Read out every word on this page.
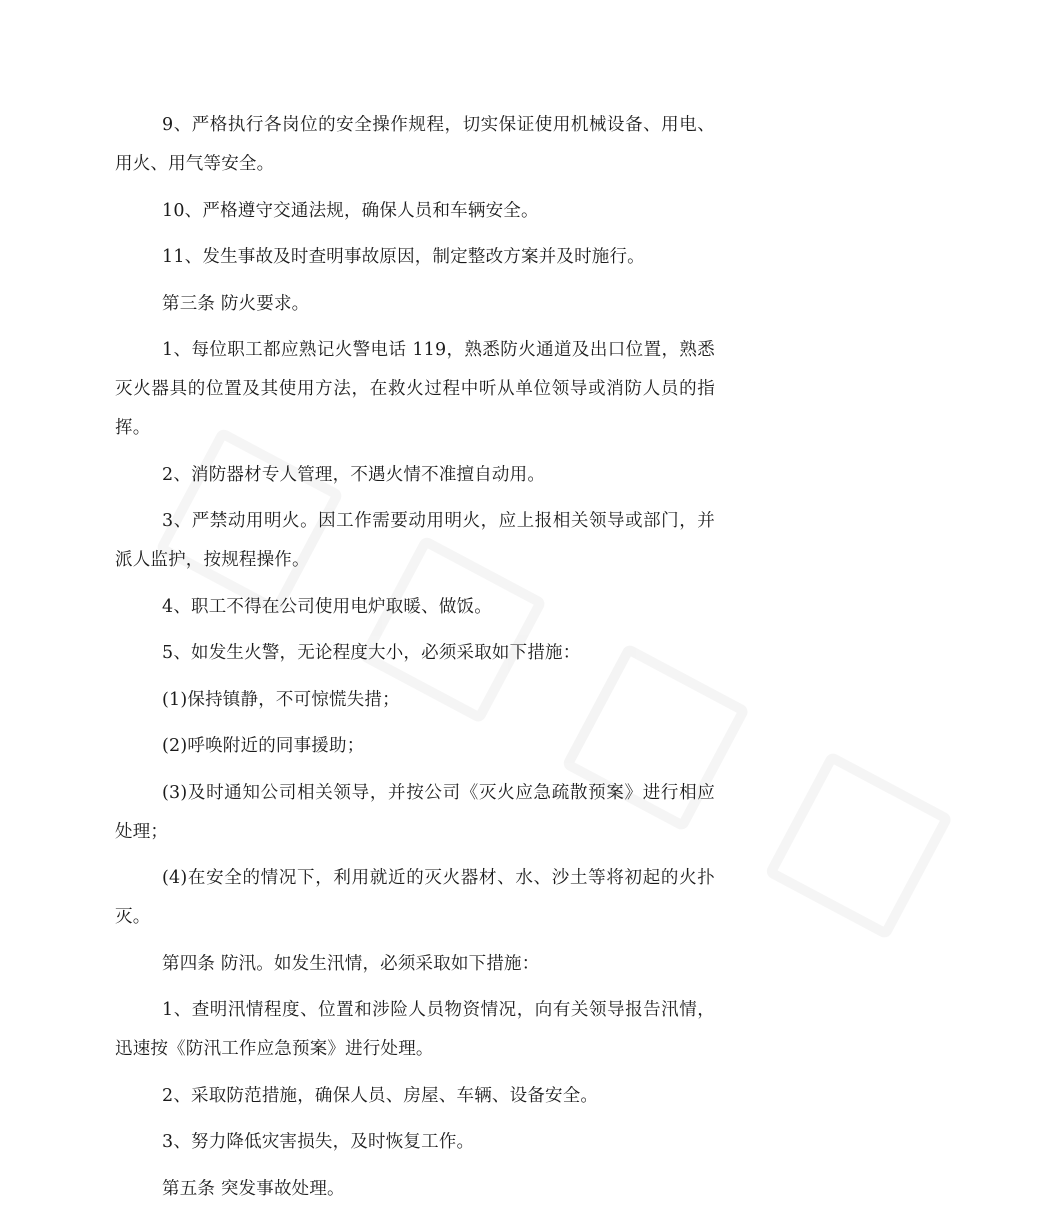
9、严格执行各岗位的安全操作规程，切实保证使用机械设备、用电、用火、用气等安全。

10、严格遵守交通法规，确保人员和车辆安全。

11、发生事故及时查明事故原因，制定整改方案并及时施行。

第三条 防火要求。

1、每位职工都应熟记火警电话 119，熟悉防火通道及出口位置，熟悉灭火器具的位置及其使用方法，在救火过程中听从单位领导或消防人员的指挥。

2、消防器材专人管理，不遇火情不准擅自动用。

3、严禁动用明火。因工作需要动用明火，应上报相关领导或部门，并派人监护，按规程操作。

4、职工不得在公司使用电炉取暖、做饭。

5、如发生火警，无论程度大小，必须采取如下措施：

(1)保持镇静，不可惊慌失措；

(2)呼唤附近的同事援助；

(3)及时通知公司相关领导，并按公司《灭火应急疏散预案》进行相应处理；

(4)在安全的情况下，利用就近的灭火器材、水、沙土等将初起的火扑灭。

第四条 防汛。如发生汛情，必须采取如下措施：

1、查明汛情程度、位置和涉险人员物资情况，向有关领导报告汛情，迅速按《防汛工作应急预案》进行处理。

2、采取防范措施，确保人员、房屋、车辆、设备安全。

3、努力降低灾害损失，及时恢复工作。

第五条 突发事故处理。
